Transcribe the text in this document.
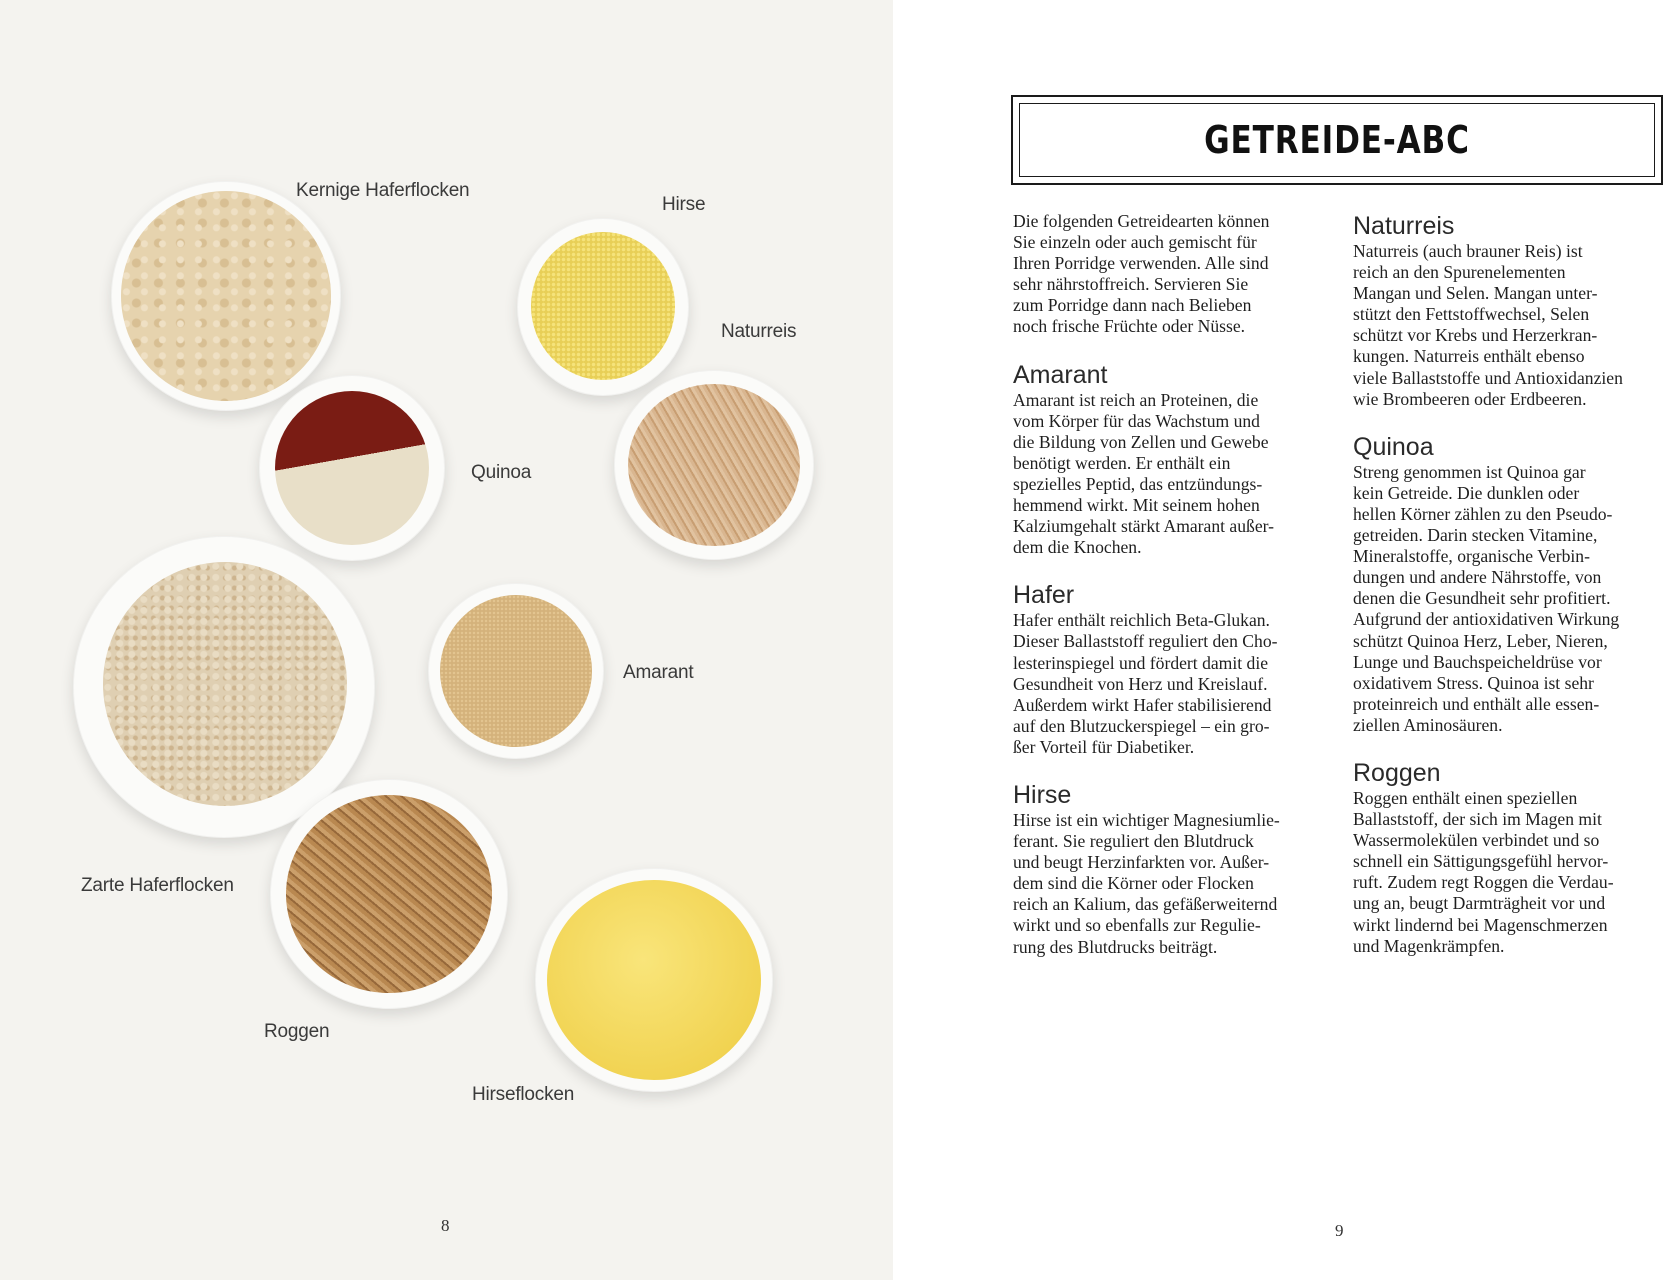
Kernige Haferflocken
Hirse
Naturreis
Quinoa
Amarant
Zarte Haferflocken
Roggen
Hirseflocken
8
GETREIDE-ABC

Die folgenden Getreidearten können

Sie einzeln oder auch gemischt für

Ihren Porridge verwenden. Alle sind

sehr nährstoffreich. Servieren Sie

zum Porridge dann nach Belieben

noch frische Früchte oder Nüsse.

Amarant

Amarant ist reich an Proteinen, die

vom Körper für das Wachstum und

die Bildung von Zellen und Gewebe

benötigt werden. Er enthält ein

spezielles Peptid, das entzündungs-

hemmend wirkt. Mit seinem hohen

Kalziumgehalt stärkt Amarant außer-

dem die Knochen.

Hafer

Hafer enthält reichlich Beta-Glukan.

Dieser Ballaststoff reguliert den Cho-

lesterinspiegel und fördert damit die

Gesundheit von Herz und Kreislauf.

Außerdem wirkt Hafer stabilisierend

auf den Blutzuckerspiegel – ein gro-

ßer Vorteil für Diabetiker.

Hirse

Hirse ist ein wichtiger Magnesiumlie-

ferant. Sie reguliert den Blutdruck

und beugt Herzinfarkten vor. Außer-

dem sind die Körner oder Flocken

reich an Kalium, das gefäßerweiternd

wirkt und so ebenfalls zur Regulie-

rung des Blutdrucks beiträgt.

Naturreis

Naturreis (auch brauner Reis) ist

reich an den Spurenelementen

Mangan und Selen. Mangan unter-

stützt den Fettstoffwechsel, Selen

schützt vor Krebs und Herzerkran-

kungen. Naturreis enthält ebenso

viele Ballaststoffe und Antioxidanzien

wie Brombeeren oder Erdbeeren.

Quinoa

Streng genommen ist Quinoa gar

kein Getreide. Die dunklen oder

hellen Körner zählen zu den Pseudo-

getreiden. Darin stecken Vitamine,

Mineralstoffe, organische Verbin-

dungen und andere Nährstoffe, von

denen die Gesundheit sehr profitiert.

Aufgrund der antioxidativen Wirkung

schützt Quinoa Herz, Leber, Nieren,

Lunge und Bauchspeicheldrüse vor

oxidativem Stress. Quinoa ist sehr

proteinreich und enthält alle essen-

ziellen Aminosäuren.

Roggen

Roggen enthält einen speziellen

Ballaststoff, der sich im Magen mit

Wassermolekülen verbindet und so

schnell ein Sättigungsgefühl hervor-

ruft. Zudem regt Roggen die Verdau-

ung an, beugt Darmträgheit vor und

wirkt lindernd bei Magenschmerzen

und Magenkrämpfen.

9
